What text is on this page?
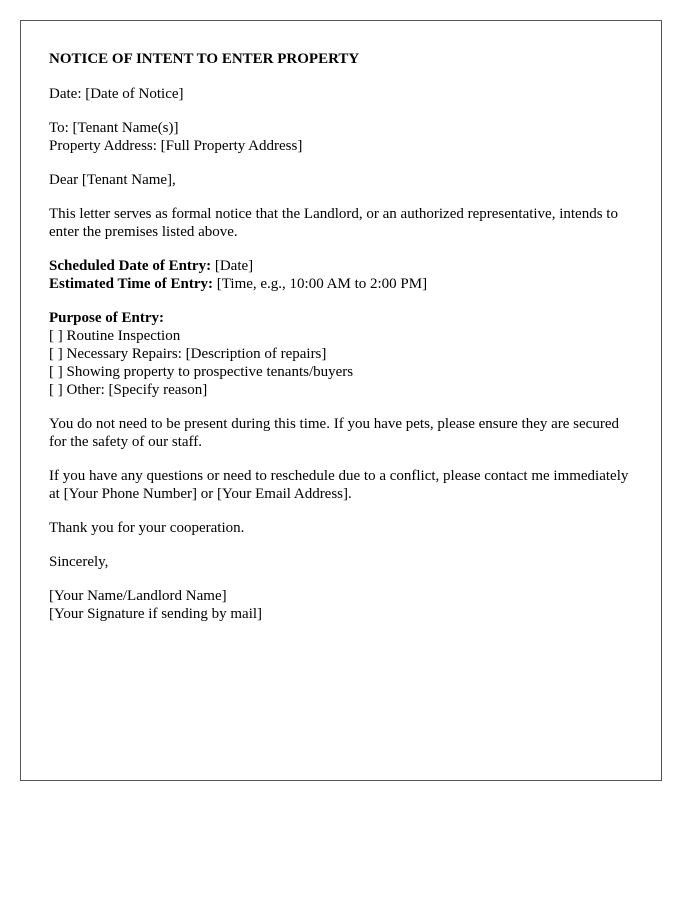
NOTICE OF INTENT TO ENTER PROPERTY

Date: [Date of Notice]

To: [Tenant Name(s)]
Property Address: [Full Property Address]

Dear [Tenant Name],

This letter serves as formal notice that the Landlord, or an authorized representative, intends to enter the premises listed above.

Scheduled Date of Entry: [Date]
Estimated Time of Entry: [Time, e.g., 10:00 AM to 2:00 PM]

Purpose of Entry:
[ ] Routine Inspection
[ ] Necessary Repairs: [Description of repairs]
[ ] Showing property to prospective tenants/buyers
[ ] Other: [Specify reason]

You do not need to be present during this time. If you have pets, please ensure they are secured for the safety of our staff.

If you have any questions or need to reschedule due to a conflict, please contact me immediately at [Your Phone Number] or [Your Email Address].

Thank you for your cooperation.

Sincerely,

[Your Name/Landlord Name]
[Your Signature if sending by mail]
